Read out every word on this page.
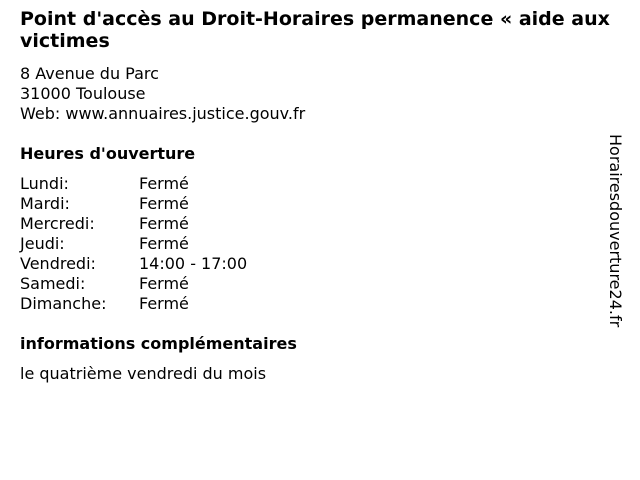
Point d'accès au Droit-Horaires permanence « aide aux victimes
8 Avenue du Parc
31000 Toulouse
Web: www.annuaires.justice.gouv.fr
Heures d'ouverture
Lundi:	Fermé
Mardi:	Fermé
Mercredi:	Fermé
Jeudi:	Fermé
Vendredi:	14:00 - 17:00
Samedi:	Fermé
Dimanche:	Fermé
informations complémentaires
le quatrième vendredi du mois
Horairesdouverture24.fr
